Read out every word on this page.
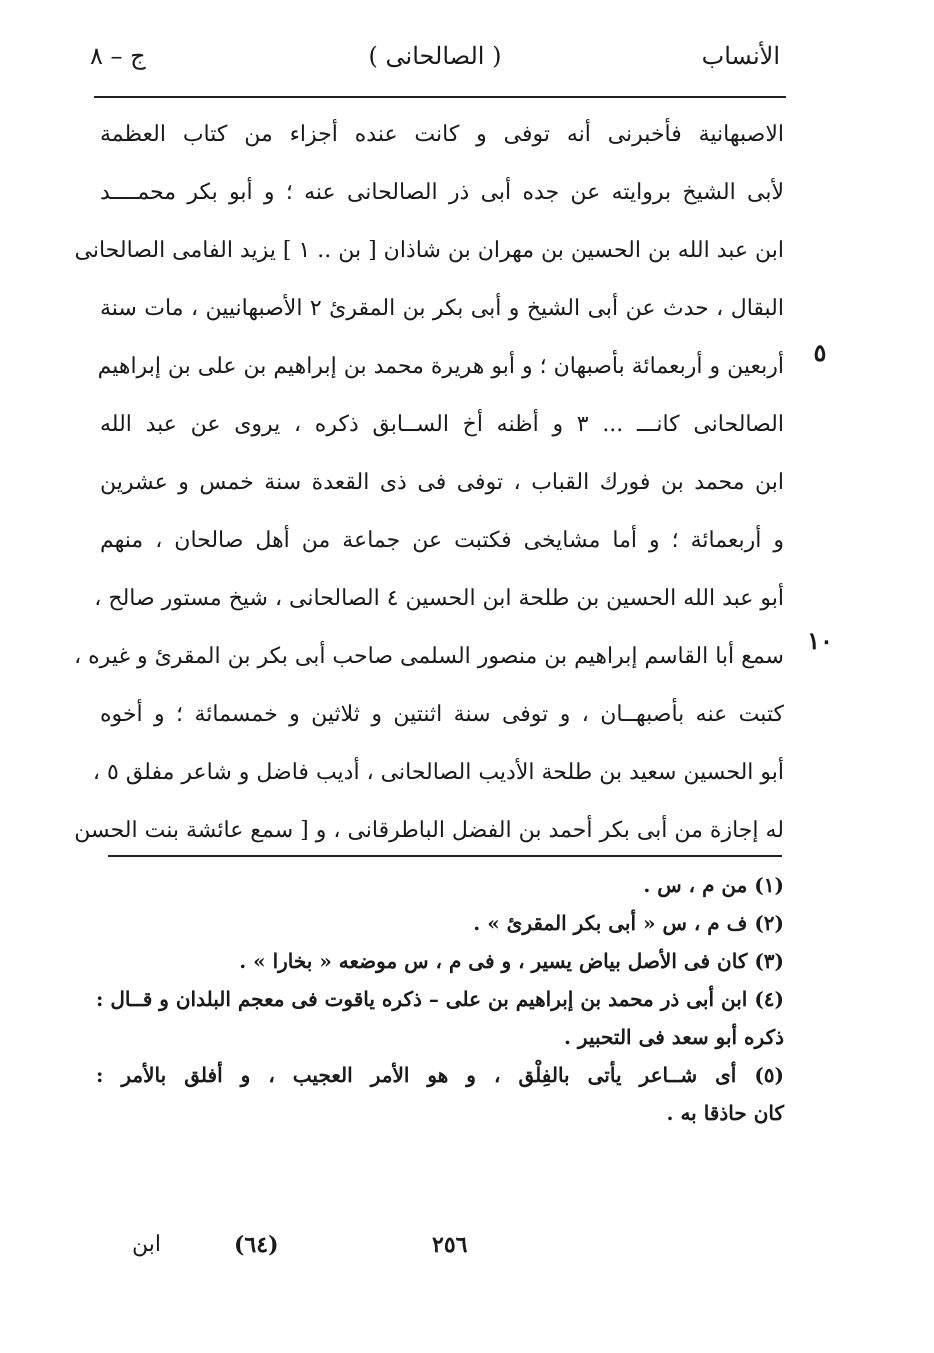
الأنساب
( الصالحانى )
ج – ٨
الاصبهانية فأخبرنى أنه توفى و كانت عنده أجزاء من كتاب العظمة
لأبى الشيخ بروايته عن جده أبى ذر الصالحانى عنه ؛ و أبو بكر محمــــد
ابن عبد الله بن الحسين بن مهران بن شاذان [ بن .. ١ ] يزيد الفامى الصالحانى
البقال ، حدث عن أبى الشيخ و أبى بكر بن المقرئ ٢ الأصبهانيين ، مات سنة
أربعين و أربعمائة بأصبهان ؛ و أبو هريرة محمد بن إبراهيم بن على بن إبراهيم
الصالحانى كانـــ ... ٣ و أظنه أخ الســابق ذكره ، يروى عن عبد الله
ابن محمد بن فورك القباب ، توفى فى ذى القعدة سنة خمس و عشرين
و أربعمائة ؛ و أما مشايخى فكتبت عن جماعة من أهل صالحان ، منهم
أبو عبد الله الحسين بن طلحة ابن الحسين ٤ الصالحانى ، شيخ مستور صالح ،
سمع أبا القاسم إبراهيم بن منصور السلمى صاحب أبى بكر بن المقرئ و غيره ،
كتبت عنه بأصبهــان ، و توفى سنة اثنتين و ثلاثين و خمسمائة ؛ و أخوه
أبو الحسين سعيد بن طلحة الأديب الصالحانى ، أديب فاضل و شاعر مفلق ٥ ،
له إجازة من أبى بكر أحمد بن الفضل الباطرقانى ، و [ سمع عائشة بنت الحسن
٥
١٠
(١) من م ، س .
(٢) ف م ، س « أبى بكر المقرئ » .
(٣) كان فى الأصل بياض يسير ، و فى م ، س موضعه « بخارا » .
(٤) ابن أبى ذر محمد بن إبراهيم بن على – ذكره ياقوت فى معجم البلدان و قــال :
ذكره أبو سعد فى التحبير .
(٥) أى شــاعر يأتى بالفِلْق ، و هو الأمر العجيب ، و أفلق بالأمر :
كان حاذقا به .
٢٥٦
(٦٤)
ابن
